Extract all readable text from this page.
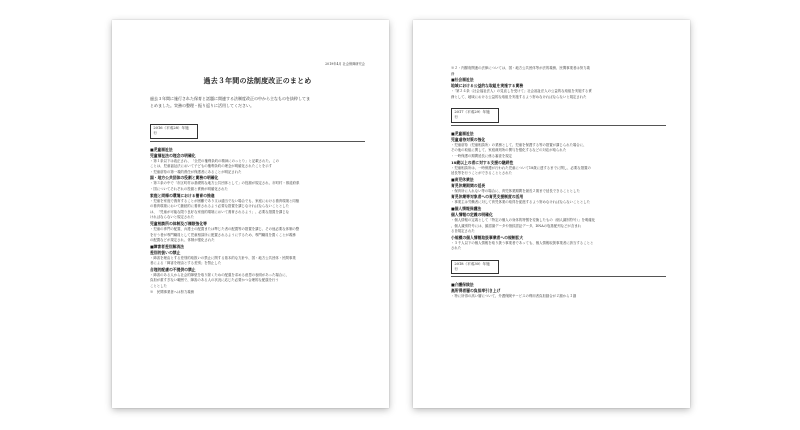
2019年4月 社会保障研究会
過去３年間の法制度改正のまとめ
過去３年間に施行された保育と話題に関連する法制度改正の中から主なものを抜粋してま
とめました。実務の整理・振り返りに活用してください。
2016（平成28）年施行
■児童福祉法
児童福祉法の理念の明確化
・第１条以下は改正され、「全児の権利条約の精神にのっとり」と記載された。この
ことは、児童福祉法において子どもの権利条約の理念が明確化されたことを示す
・児童虐待の第一義的責任が保護者にあることが明記された
国・地方公共団体の役割と責務の明確化
・第３条の中で「市区町村は基礎的な地方公共団体として」の役割が規定され、市町村・都道府県
・国についてそれぞれの役割と責務が明確化された
家庭と同様の環境における養育の推進
・児童を家庭で養育することが困難であり又は適当でない場合でも、家庭における養育環境と同様
の養育環境において継続的に養育されるよう必要な措置を講じなければならないこととした
は、「児童が可能な限り良好な家庭的環境において養育されるよう」、必要な措置を講じな
ければならないと規定された
児童相談所の体制及び権限強化等
・児童の専門の配置、弁護士の配置または準じた者の配置等の措置を講じ、その他必要な体制の整
を行う者が専門職員として児童相談所に配置されるようにするため、専門職員を置くことが義務
の配置などが規定され、体制が強化された
■障害者差別解消法
差別的扱いの禁止
・障害を理由とする差別的取扱いの禁止に関する基本的な方針や、国・地方公共団体・民間事業
者による「障害を理由とする差別」を禁止した
合理的配慮の不提供の禁止
・障害のある人から社会的障壁を取り除くための配慮を求める意思の表明があった場合に、
負担が重すぎない範囲で、障害のある人の状況に応じた必要かつ合理的な配慮を行う
こととした
※　民間事業者へは努力義務
※２・内閣府関連の法律については、国・地方公共団体等が法的義務、民間事業者は努力義
務
■社会福祉法
地域における公益的な取組を実施する責務
・「第２４条（社会福祉法人）の見直しを受けて」社会福祉法人の公益的な取組を実施する責
務として、地域における公益的な取組を実施するよう努めなければならないと規定された
2017（平成29）年施行
■児童福祉法
児童虐待対策の強化
・児童虐待（児童相談所）の業務として、児童を保護する等の措置が講じられた場合に、
その他の取組に関して、家庭裁判所の関与を強化するなどの対応が取られた
・一時保護の期間延長に係る審査を規定
18歳以上の者に対する支援の継続性
・児童相談所は、一時保護が行われた児童について18歳に達するまでに関し、必要な措置の
延長等を行うことができることとされた
■育児休業法
育児休業期間の延長
・保育所に入れない等の場合に、育児休業期間を最長２歳まで延長できることとした
育児休業等対象者への育児支援制度の活用
・事業主は労働者に対して育児休業の取得を促進するよう努めなければならないこととした
■個人情報保護法
個人情報の定義の明確化
・個人情報の定義として「特定の個人の身体的特徴を変換したもの（個人識別符号）」を明確化
、個人識別符号には、顔認識データや指紋認証データ、DNAの塩基配列などが含まれ
る旨規定された
小規模の個人情報取扱事業者への規制拡大
・５千人以下の個人情報を取り扱う事業者であっても、個人情報取扱事業者に該当することと
された
2018（平成30）年施行
■介護保険法
高所得者層の負担率引き上げ
・特に所得の高い層について、介護保険サービスの利用者負担割合が２割から３割
